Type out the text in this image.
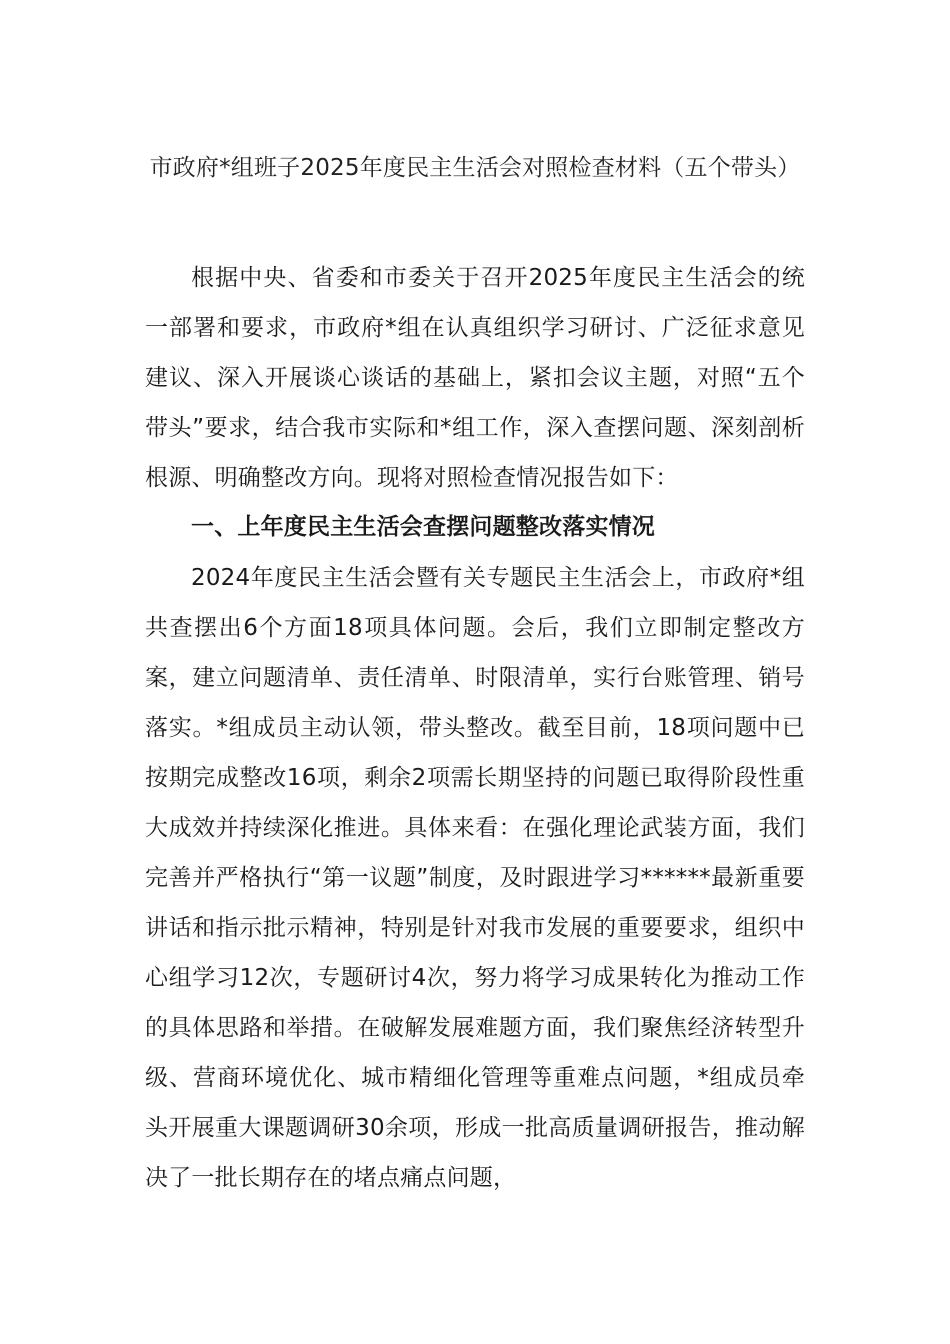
市政府*组班子2025年度民主生活会对照检查材料（五个带头）

根据中央、省委和市委关于召开2025年度民主生活会的统一部署和要求，市政府*组在认真组织学习研讨、广泛征求意见建议、深入开展谈心谈话的基础上，紧扣会议主题，对照“五个带头”要求，结合我市实际和*组工作，深入查摆问题、深刻剖析根源、明确整改方向。现将对照检查情况报告如下：

一、上年度民主生活会查摆问题整改落实情况

2024年度民主生活会暨有关专题民主生活会上，市政府*组共查摆出6个方面18项具体问题。会后，我们立即制定整改方案，建立问题清单、责任清单、时限清单，实行台账管理、销号落实。*组成员主动认领，带头整改。截至目前，18项问题中已按期完成整改16项，剩余2项需长期坚持的问题已取得阶段性重大成效并持续深化推进。具体来看：在强化理论武装方面，我们完善并严格执行“第一议题”制度，及时跟进学习******最新重要讲话和指示批示精神，特别是针对我市发展的重要要求，组织中心组学习12次，专题研讨4次，努力将学习成果转化为推动工作的具体思路和举措。在破解发展难题方面，我们聚焦经济转型升级、营商环境优化、城市精细化管理等重难点问题，*组成员牵头开展重大课题调研30余项，形成一批高质量调研报告，推动解决了一批长期存在的堵点痛点问题，
